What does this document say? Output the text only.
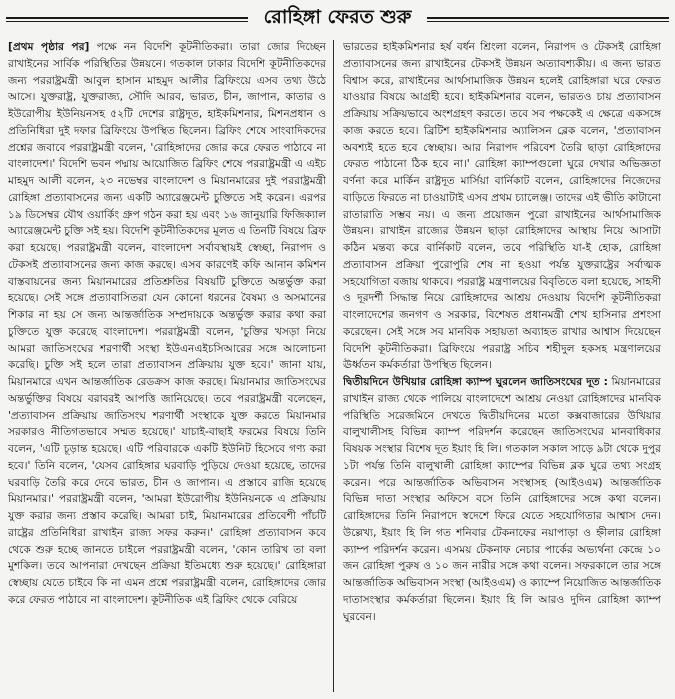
রোহিঙ্গা ফেরত শুরু

[প্রথম পৃষ্ঠার পর] পক্ষে নন বিদেশি কূটনীতিকরা। তারা জোর দিচ্ছেন রাখাইনের সার্বিক পরিস্থিতির উন্নয়নে। গতকাল ঢাকার বিদেশি কূটনীতিকদের জন্য পররাষ্ট্রমন্ত্রী আবুল হাসান মাহমুদ আলীর ব্রিফিংয়ে এসব তথ্য উঠে আসে। যুক্তরাষ্ট্র, যুক্তরাজ্য, সৌদি আরব, ভারত, চীন, জাপান, কাতার ও ইউরোপীয় ইউনিয়নসহ ৫২টি দেশের রাষ্ট্রদূত, হাইকমিশনার, মিশনপ্রধান ও প্রতিনিধিরা দুই দফার ব্রিফিংয়ে উপস্থিত ছিলেন। ব্রিফিং শেষে সাংবাদিকদের প্রশ্নের জবাবে পররাষ্ট্রমন্ত্রী বলেন, 'রোহিঙ্গাদের জোর করে ফেরত পাঠাবে না বাংলাদেশ।' বিদেশি ভবন পদ্মায় আয়োজিত ব্রিফিং শেষে পররাষ্ট্রমন্ত্রী এ এইচ মাহমুদ আলী বলেন, ২৩ নভেম্বর বাংলাদেশ ও মিয়ানমারের দুই পররাষ্ট্রমন্ত্রী রোহিঙ্গা প্রত্যাবাসনের জন্য একটি অ্যারেঞ্জমেন্ট চুক্তিতে সই করেন। এরপর ১৯ ডিসেম্বর যৌথ ওয়ার্কিং গ্রুপ গঠন করা হয় এবং ১৬ জানুয়ারি ফিজিক্যাল অ্যারেঞ্জমেন্ট চুক্তি সই হয়। বিদেশি কূটনীতিকদের মূলত এ তিনটি বিষয়ে ব্রিফ করা হয়েছে। পররাষ্ট্রমন্ত্রী বলেন, বাংলাদেশ সর্বাবস্থায়ই স্বেচ্ছা, নিরাপদ ও টেকসই প্রত্যাবাসনের জন্য কাজ করছে। এসব কারণেই কফি আনান কমিশন বাস্তবায়নের জন্য মিয়ানমারের প্রতিশ্রুতির বিষয়টি চুক্তিতে অন্তর্ভুক্ত করা হয়েছে। সেই সঙ্গে প্রত্যাবাসিতরা যেন কোনো ধরনের বৈষম্য ও অসমানের শিকার না হয় সে জন্য আন্তর্জাতিক সম্প্রদায়কে অন্তর্ভুক্ত করার কথা করা চুক্তিতে যুক্ত করেছে বাংলাদেশ। পররাষ্ট্রমন্ত্রী বলেন, 'চুক্তির খসড়া নিয়ে আমরা জাতিসংঘের শরণার্থী সংস্থা ইউএনএইচসিআরের সঙ্গে আলোচনা করেছি। চুক্তি সই হলে তারা প্রত্যাবাসন প্রক্রিয়ায় যুক্ত হবে।' জানা যায়, মিয়ানমারে এখন আন্তর্জাতিক রেডক্রস কাজ করছে। মিয়ানমার জাতিসংঘের অন্তর্ভুক্তির বিষয়ে বরাবরই আপত্তি জানিয়েছে। তবে পররাষ্ট্রমন্ত্রী বলেছেন, 'প্রত্যাবাসন প্রক্রিয়ায় জাতিসংঘ শরণার্থী সংস্থাকে যুক্ত করতে মিয়ানমার সরকারও নীতিগতভাবে সম্মত হয়েছে।' যাচাই-বাছাই ফরমের বিষয়ে তিনি বলেন, 'এটি চূড়ান্ত হয়েছে। এটি পরিবারকে একটি ইউনিট হিসেবে গণ্য করা হবে।' তিনি বলেন, 'যেসব রোহিঙ্গার ঘরবাড়ি পুড়িয়ে দেওয়া হয়েছে, তাদের ঘরবাড়ি তৈরি করে দেবে ভারত, চীন ও জাপান। এ প্রস্তাবে রাজি হয়েছে মিয়ানমার।' পররাষ্ট্রমন্ত্রী বলেন, 'আমরা ইউরোপীয় ইউনিয়নকে এ প্রক্রিয়ায় যুক্ত করার জন্য প্রস্তাব করেছি। আমরা চাই, মিয়ানমারের প্রতিবেশী পাঁচটি রাষ্ট্রের প্রতিনিধিরা রাখাইন রাজ্য সফর করুন।' রোহিঙ্গা প্রত্যাবাসন কবে থেকে শুরু হচ্ছে জানতে চাইলে পররাষ্ট্রমন্ত্রী বলেন, 'কোন তারিখ তা বলা মুশকিল। তবে আপনারা দেখছেন প্রক্রিয়া ইতিমধ্যে শুরু হয়েছে।' রোহিঙ্গারা স্বেচ্ছায় যেতে চাইবে কি না এমন প্রশ্নে পররাষ্ট্রমন্ত্রী বলেন, রোহিঙ্গাদের জোর করে ফেরত পাঠাবে না বাংলাদেশ। কূটনীতিক এই ব্রিফিং থেকে বেরিয়ে

ভারতের হাইকমিশনার হর্ষ বর্ধন শ্রিংলা বলেন, নিরাপদ ও টেকসই রোহিঙ্গা প্রত্যাবাসনের জন্য রাখাইনের টেকসই উন্নয়ন অত্যাবশ্যকীয়। এ জন্য ভারত বিশ্বাস করে, রাখাইনের আর্থসামাজিক উন্নয়ন হলেই রোহিঙ্গারা ঘরে ফেরত যাওয়ার বিষয়ে আগ্রহী হবে। হাইকমিশনার বলেন, ভারতও চায় প্রত্যাবাসন প্রক্রিয়ায় সক্রিয়ভাবে অংশগ্রহণ করতে। তবে সব পক্ষকেই এ ক্ষেত্রে একসঙ্গে কাজ করতে হবে। ব্রিটিশ হাইকমিশনার অ্যালিসন ব্লেক বলেন, 'প্রত্যাবাসন অবশ্যই হতে হবে স্বেচ্ছায়। আর নিরাপদ পরিবেশ তৈরি ছাড়া রোহিঙ্গাদের ফেরত পাঠানো ঠিক হবে না।' রোহিঙ্গা ক্যাম্পগুলো ঘুরে দেখার অভিজ্ঞতা বর্ণনা করে মার্কিন রাষ্ট্রদূত মার্সিয়া বার্নিকাট বলেন, রোহিঙ্গাদের নিজেদের বাড়িতে ফিরতে না চাওয়াটাই এসব প্রথম চ্যালেঞ্জ। তাদের এই ভীতি কাটানো রাতারাতি সম্ভব নয়। এ জন্য প্রয়োজন পুরো রাখাইনের আর্থসামাজিক উন্নয়ন। রাখাইন রাজ্যের উন্নয়ন ছাড়া রোহিঙ্গাদের আস্থায় নিয়ে আসাটা কঠিন মন্তব্য করে বার্নিকাট বলেন, তবে পরিস্থিতি যা-ই হোক, রোহিঙ্গা প্রত্যাবাসন প্রক্রিয়া পুরোপুরি শেষ না হওয়া পর্যন্ত যুক্তরাষ্ট্রের সর্বাত্মক সহযোগিতা বজায় থাকবে। পররাষ্ট্র মন্ত্রণালয়ের বিবৃতিতে বলা হয়েছে, সাহসী ও দূরদর্শী সিদ্ধান্ত নিয়ে রোহিঙ্গাদের আশ্রয় দেওয়ায় বিদেশি কূটনীতিকরা বাংলাদেশের জনগণ ও সরকার, বিশেষত প্রধানমন্ত্রী শেখ হাসিনার প্রশংসা করেছেন। সেই সঙ্গে সব মানবিক সহায়তা অব্যাহত রাখার আশ্বাস দিয়েছেন বিদেশি কূটনীতিকরা। ব্রিফিংয়ে পররাষ্ট্র সচিব শহীদুল হকসহ মন্ত্রণালয়ের ঊর্ধ্বতন কর্মকর্তারা উপস্থিত ছিলেন।

দ্বিতীয়দিনে উখিয়ার রোহিঙ্গা ক্যাম্প ঘুরলেন জাতিসংঘের দূত : মিয়ানমারের রাখাইন রাজ্য থেকে পালিয়ে বাংলাদেশে আশ্রয় নেওয়া রোহিঙ্গাদের মানবিক পরিস্থিতি সরেজমিনে দেখতে দ্বিতীয়দিনের মতো কক্সবাজারের উখিয়ার বালুখালীসহ বিভিন্ন ক্যাম্প পরিদর্শন করেছেন জাতিসংঘের মানবাধিকার বিষয়ক সংস্থার বিশেষ দূত ইয়াং হি লি। গতকাল সকাল সাড়ে ৯টা থেকে দুপুর ১টা পর্যন্ত তিনি বালুখালী রোহিঙ্গা ক্যাম্পের বিভিন্ন ব্লক ঘুরে তথ্য সংগ্রহ করেন। পরে আন্তর্জাতিক অভিবাসন সংস্থাসহ (আইওএম) আন্তর্জাতিক বিভিন্ন দাতা সংস্থার অফিসে বসে তিনি রোহিঙ্গাদের সঙ্গে কথা বলেন। রোহিঙ্গাদের তিনি নিরাপদে স্বদেশে ফিরে যেতে সহযোগিতার আশ্বাস দেন। উল্লেখ্য, ইয়াং হি লি গত শনিবার টেকনাফের নয়াপাড়া ও হ্নীলার রোহিঙ্গা ক্যাম্প পরিদর্শন করেন। এসময় টেকনাফ নেচার পার্কের অভ্যর্থনা কেন্দ্রে ১০ জন রোহিঙ্গা পুরুষ ও ১০ জন নারীর সঙ্গে কথা বলেন। সফরকালে তার সঙ্গে আন্তর্জাতিক অভিবাসন সংস্থা (আইওএম) ও ক্যাম্পে নিয়োজিত আন্তর্জাতিক দাতাসংস্থার কর্মকর্তারা ছিলেন। ইয়াং হি লি আরও দুদিন রোহিঙ্গা ক্যাম্প ঘুরবেন।
